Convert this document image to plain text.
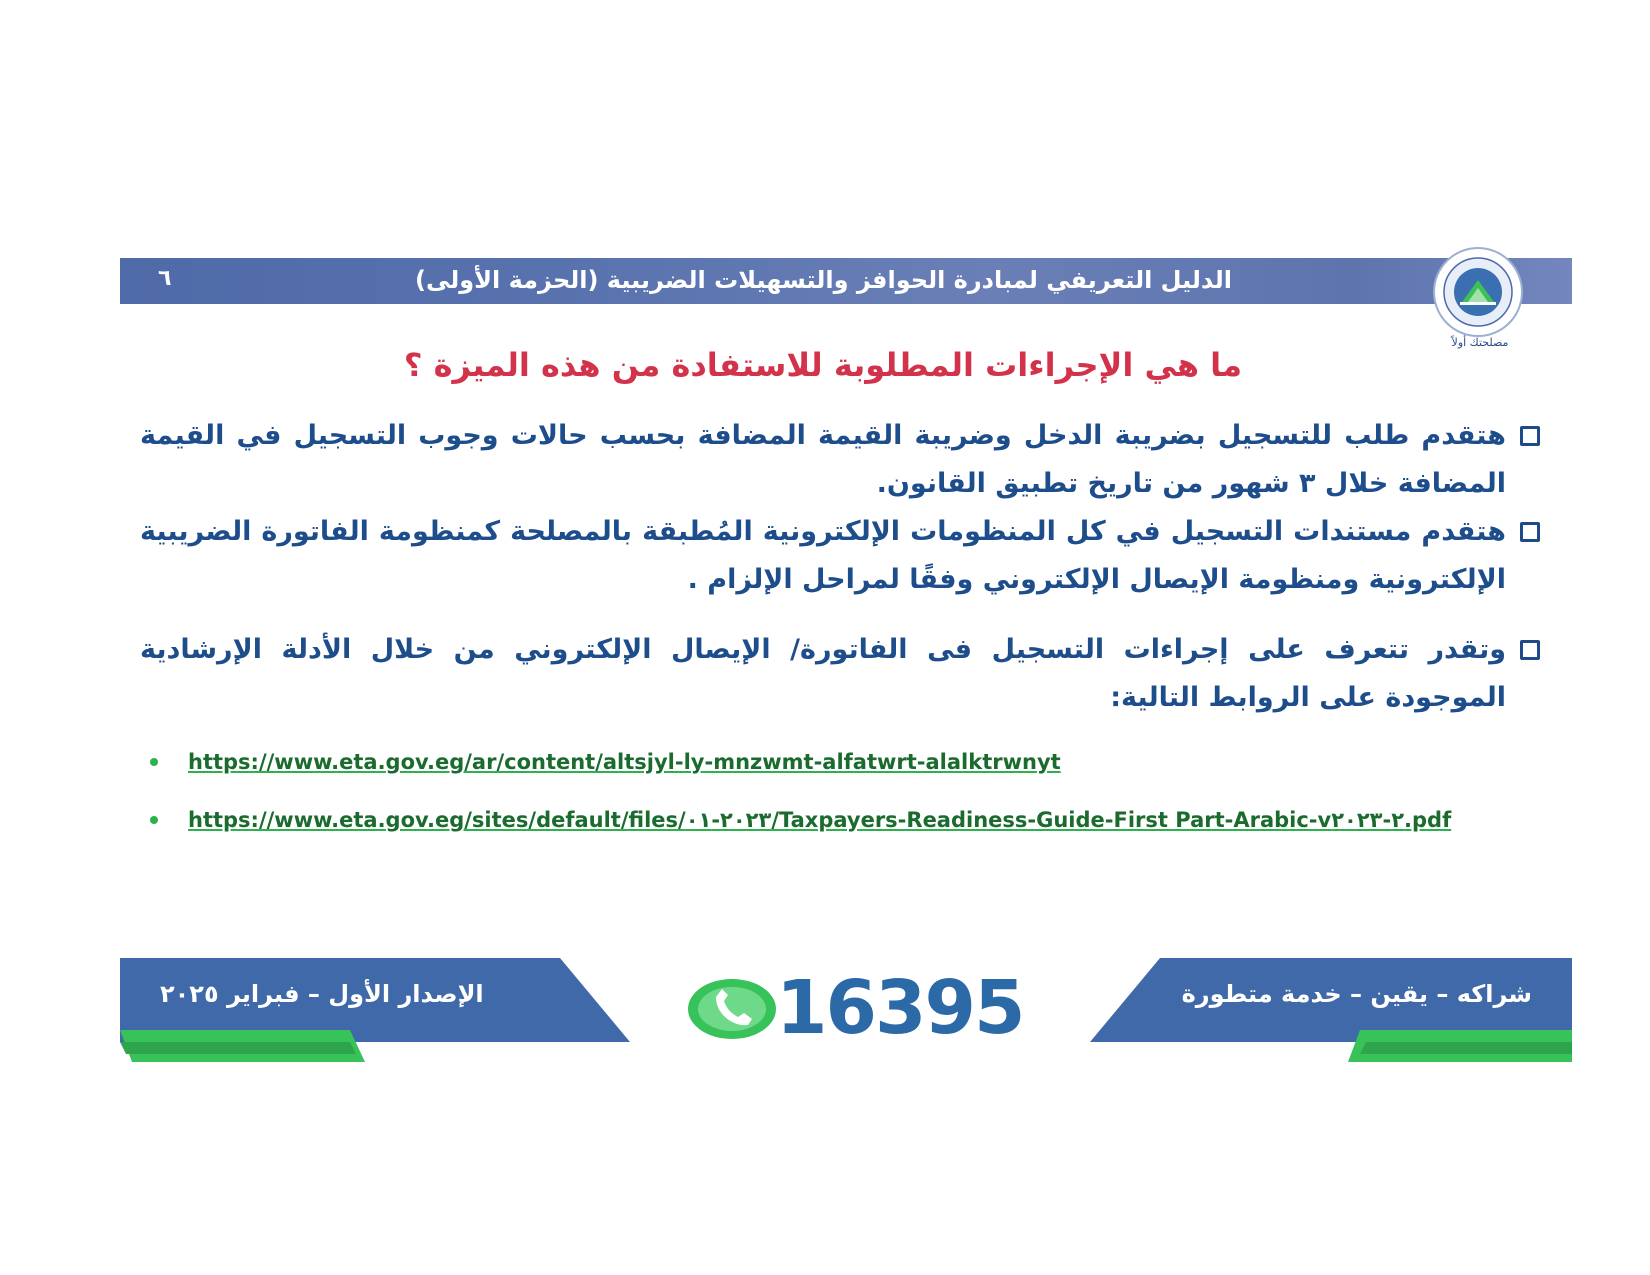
٦	الدليل التعريفي لمبادرة الحوافز والتسهيلات الضريبية (الحزمة الأولى)
مصلحتك أولاً
ما هي الإجراءات المطلوبة للاستفادة من هذه الميزة ؟
هتقدم طلب للتسجيل بضريبة الدخل وضريبة القيمة المضافة بحسب حالات وجوب التسجيل في القيمة المضافة خلال ٣ شهور من تاريخ تطبيق القانون.
هتقدم مستندات التسجيل في كل المنظومات الإلكترونية المُطبقة بالمصلحة كمنظومة الفاتورة الضريبية الإلكترونية ومنظومة الإيصال الإلكتروني وفقًا لمراحل الإلزام .
وتقدر تتعرف على إجراءات التسجيل فى الفاتورة/ الإيصال الإلكتروني من خلال الأدلة الإرشادية الموجودة على الروابط التالية:
https://www.eta.gov.eg/ar/content/altsjyl-ly-mnzwmt-alfatwrt-alalktrwnyt
https://www.eta.gov.eg/sites/default/files/٢٠٢٣-٠١/Taxpayers-Readiness-Guide-First Part-Arabic-v٢-٢٠٢٣.pdf
الإصدار الأول – فبراير ٢٠٢٥	16395	شراكه – يقين – خدمة متطورة
